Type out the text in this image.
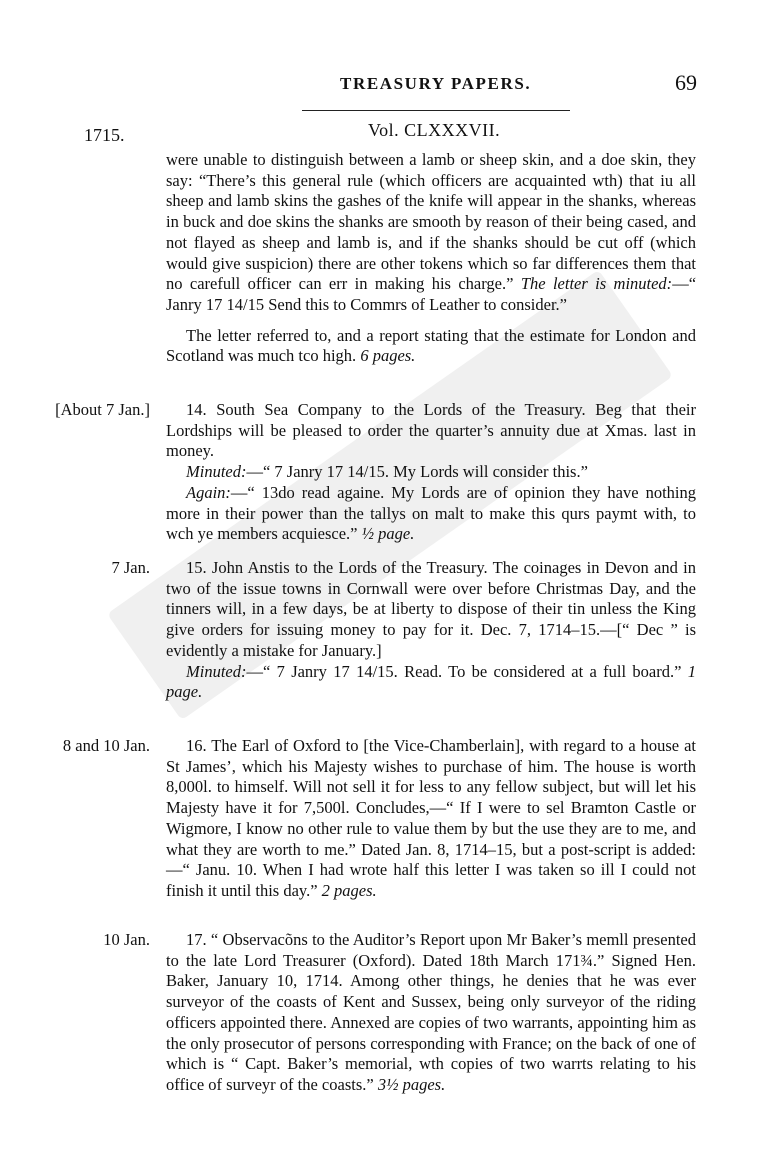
TREASURY PAPERS.	69
1715.	Vol. CLXXXVII.

were unable to distinguish between a lamb or sheep skin, and a doe skin, they say: “There’s this general rule (which officers are acquainted wth) that iu all sheep and lamb skins the gashes of the knife will appear in the shanks, whereas in buck and doe skins the shanks are smooth by reason of their being cased, and not flayed as sheep and lamb is, and if the shanks should be cut off (which would give suspicion) there are other tokens which so far differences them that no carefull officer can err in making his charge.” The letter is minuted:—“ Janry 17 14/15 Send this to Commrs of Leather to consider.”

The letter referred to, and a report stating that the estimate for London and Scotland was much tco high. 6 pages.

[About 7 Jan.]	14. South Sea Company to the Lords of the Treasury. Beg that their Lordships will be pleased to order the quarter’s annuity due at Xmas. last in money.

Minuted:—“ 7 Janry 17 14/15. My Lords will consider this.”

Again:—“ 13do read againe. My Lords are of opinion they have nothing more in their power than the tallys on malt to make this qurs paymt with, to wch ye members acquiesce.” ½ page.

7 Jan.	15. John Anstis to the Lords of the Treasury. The coinages in Devon and in two of the issue towns in Cornwall were over before Christmas Day, and the tinners will, in a few days, be at liberty to dispose of their tin unless the King give orders for issuing money to pay for it. Dec. 7, 1714–15.—[“ Dec ” is evidently a mistake for January.]

Minuted:—“ 7 Janry 17 14/15. Read. To be considered at a full board.” 1 page.

8 and 10 Jan.	16. The Earl of Oxford to [the Vice-Chamberlain], with regard to a house at St James’, which his Majesty wishes to purchase of him. The house is worth 8,000l. to himself. Will not sell it for less to any fellow subject, but will let his Majesty have it for 7,500l. Concludes,—“ If I were to sel Bramton Castle or Wigmore, I know no other rule to value them by but the use they are to me, and what they are worth to me.” Dated Jan. 8, 1714–15, but a post-script is added:—“ Janu. 10. When I had wrote half this letter I was taken so ill I could not finish it until this day.” 2 pages.

10 Jan.	17. “ Observacõns to the Auditor’s Report upon Mr Baker’s memll presented to the late Lord Treasurer (Oxford). Dated 18th March 171¾.” Signed Hen. Baker, January 10, 1714. Among other things, he denies that he was ever surveyor of the coasts of Kent and Sussex, being only surveyor of the riding officers appointed there. Annexed are copies of two warrants, appointing him as the only prosecutor of persons corresponding with France; on the back of one of which is “ Capt. Baker’s memorial, wth copies of two warrts relating to his office of surveyr of the coasts.” 3½ pages.
